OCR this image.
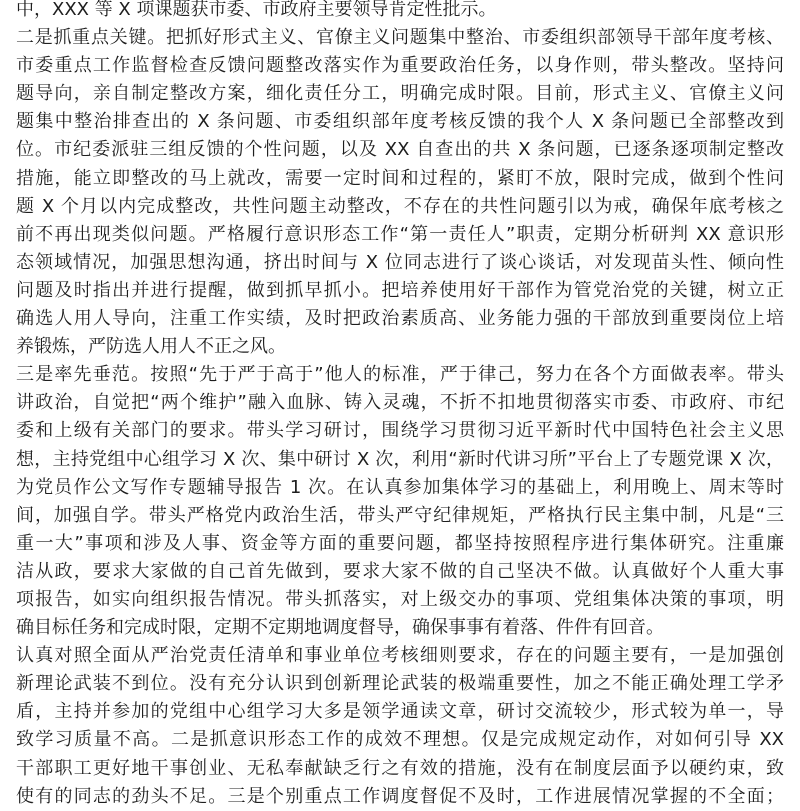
中，XXX 等 X 项课题获市委、市政府主要领导肯定性批示。
二是抓重点关键。把抓好形式主义、官僚主义问题集中整治、市委组织部领导干部年度考核、
市委重点工作监督检查反馈问题整改落实作为重要政治任务，以身作则，带头整改。坚持问
题导向，亲自制定整改方案，细化责任分工，明确完成时限。目前，形式主义、官僚主义问
题集中整治排查出的 X 条问题、市委组织部年度考核反馈的我个人 X 条问题已全部整改到
位。市纪委派驻三组反馈的个性问题，以及 XX 自查出的共 X 条问题，已逐条逐项制定整改
措施，能立即整改的马上就改，需要一定时间和过程的，紧盯不放，限时完成，做到个性问
题 X 个月以内完成整改，共性问题主动整改，不存在的共性问题引以为戒，确保年底考核之
前不再出现类似问题。严格履行意识形态工作“第一责任人”职责，定期分析研判 XX 意识形
态领域情况，加强思想沟通，挤出时间与 X 位同志进行了谈心谈话，对发现苗头性、倾向性
问题及时指出并进行提醒，做到抓早抓小。把培养使用好干部作为管党治党的关键，树立正
确选人用人导向，注重工作实绩，及时把政治素质高、业务能力强的干部放到重要岗位上培
养锻炼，严防选人用人不正之风。
三是率先垂范。按照“先于严于高于”他人的标准，严于律己，努力在各个方面做表率。带头
讲政治，自觉把“两个维护”融入血脉、铸入灵魂，不折不扣地贯彻落实市委、市政府、市纪
委和上级有关部门的要求。带头学习研讨，围绕学习贯彻习近平新时代中国特色社会主义思
想，主持党组中心组学习 X 次、集中研讨 X 次，利用“新时代讲习所”平台上了专题党课 X 次，
为党员作公文写作专题辅导报告 1 次。在认真参加集体学习的基础上，利用晚上、周末等时
间，加强自学。带头严格党内政治生活，带头严守纪律规矩，严格执行民主集中制，凡是“三
重一大”事项和涉及人事、资金等方面的重要问题，都坚持按照程序进行集体研究。注重廉
洁从政，要求大家做的自己首先做到，要求大家不做的自己坚决不做。认真做好个人重大事
项报告，如实向组织报告情况。带头抓落实，对上级交办的事项、党组集体决策的事项，明
确目标任务和完成时限，定期不定期地调度督导，确保事事有着落、件件有回音。
认真对照全面从严治党责任清单和事业单位考核细则要求，存在的问题主要有，一是加强创
新理论武装不到位。没有充分认识到创新理论武装的极端重要性，加之不能正确处理工学矛
盾，主持并参加的党组中心组学习大多是领学通读文章，研讨交流较少，形式较为单一，导
致学习质量不高。二是抓意识形态工作的成效不理想。仅是完成规定动作，对如何引导 XX
干部职工更好地干事创业、无私奉献缺乏行之有效的措施，没有在制度层面予以硬约束，致
使有的同志的劲头不足。三是个别重点工作调度督促不及时，工作进展情况掌握的不全面；
